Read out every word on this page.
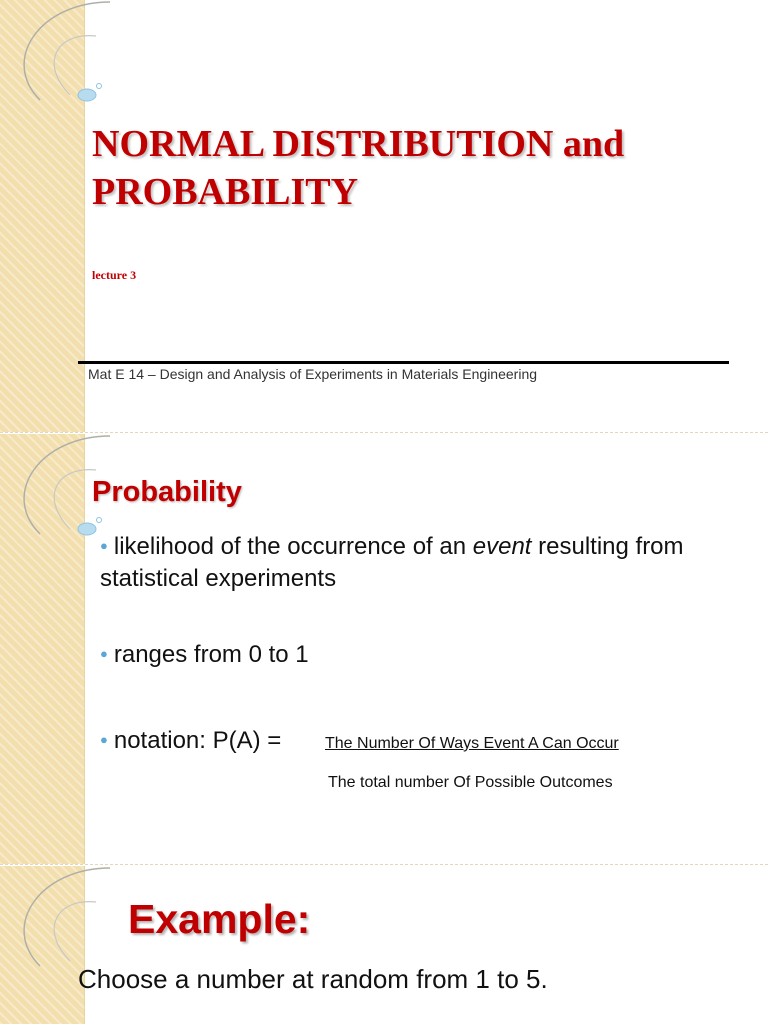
NORMAL DISTRIBUTION and PROBABILITY
lecture 3
Mat E 14 – Design and Analysis of Experiments in Materials Engineering
Probability
● likelihood of the occurrence of an event resulting from statistical experiments
● ranges from 0 to 1
● notation: P(A) =	The Number Of Ways Event A Can Occur
The total number Of Possible Outcomes
Example:
Choose a number at random from 1 to 5.
